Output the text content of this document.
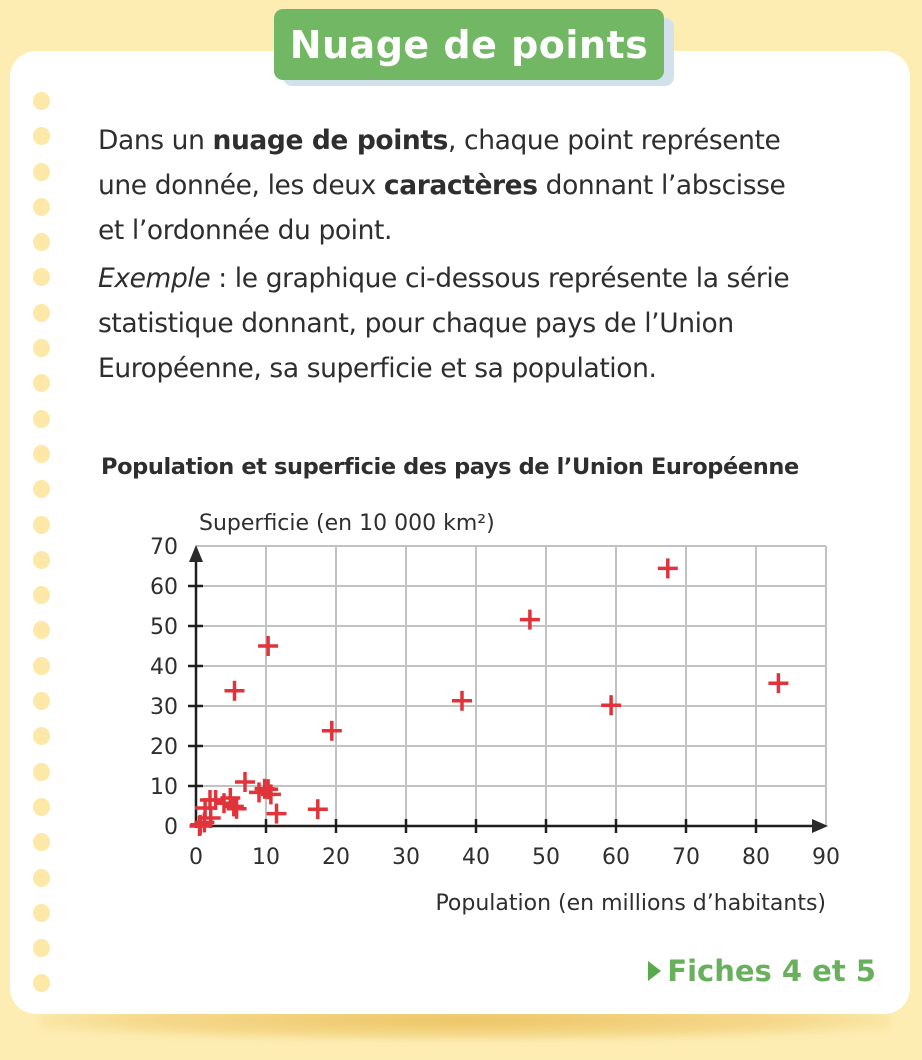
Nuage de points

Dans un nuage de points, chaque point représente une donnée, les deux caractères donnant l’abscisse et l’ordonnée du point.

Exemple : le graphique ci-dessous représente la série statistique donnant, pour chaque pays de l’Union Européenne, sa superficie et sa population.

Population et superficie des pays de l’Union Européenne
Superficie (en 10 000 km²)
Population (en millions d’habitants)
0 10 20 30 40 50 60 70 80 90
0
10
20
30
40
50
60
70
Fiches 4 et 5
